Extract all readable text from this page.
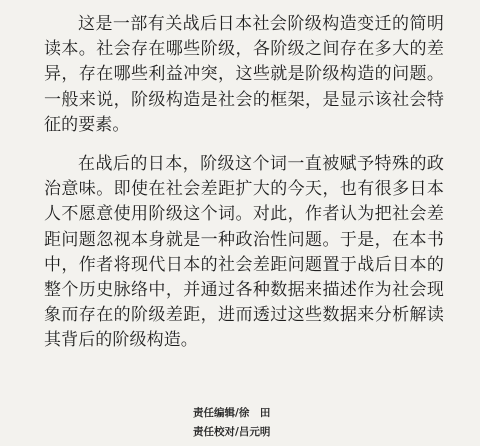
这是一部有关战后日本社会阶级构造变迁的简明读本。社会存在哪些阶级，各阶级之间存在多大的差异，存在哪些利益冲突，这些就是阶级构造的问题。一般来说，阶级构造是社会的框架，是显示该社会特征的要素。

在战后的日本，阶级这个词一直被赋予特殊的政治意味。即使在社会差距扩大的今天，也有很多日本人不愿意使用阶级这个词。对此，作者认为把社会差距问题忽视本身就是一种政治性问题。于是，在本书中，作者将现代日本的社会差距问题置于战后日本的整个历史脉络中，并通过各种数据来描述作为社会现象而存在的阶级差距，进而透过这些数据来分析解读其背后的阶级构造。

责任编辑/徐　田
责任校对/吕元明
